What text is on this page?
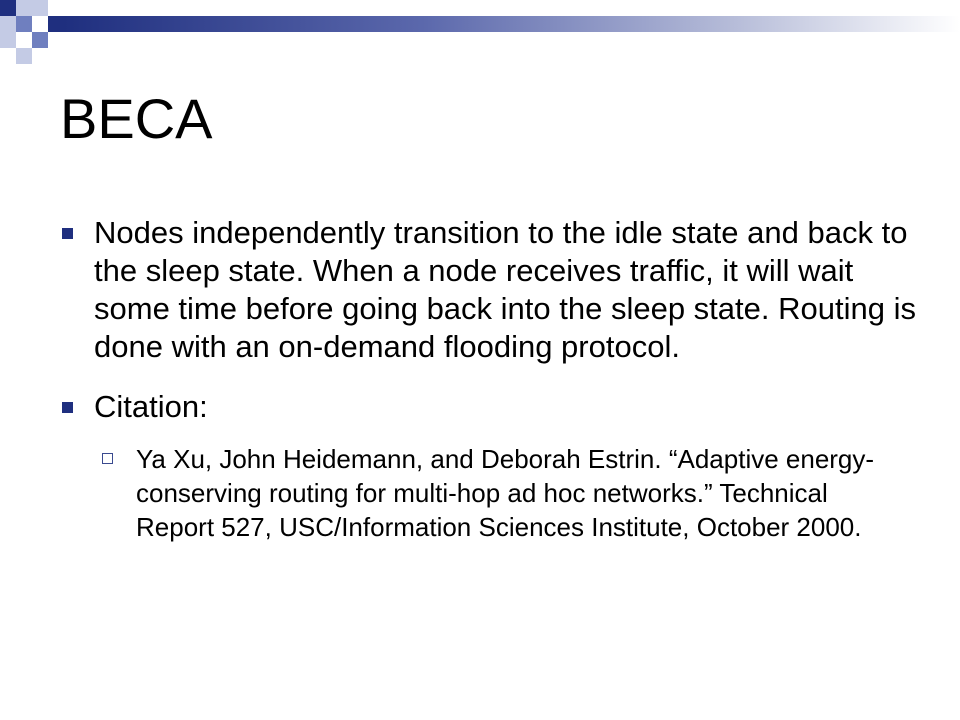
BECA
Nodes independently transition to the idle state and back to the sleep state. When a node receives traffic, it will wait some time before going back into the sleep state. Routing is done with an on-demand flooding protocol.
Citation:
Ya Xu, John Heidemann, and Deborah Estrin. “Adaptive energy-conserving routing for multi-hop ad hoc networks.” Technical Report 527, USC/Information Sciences Institute, October 2000.
